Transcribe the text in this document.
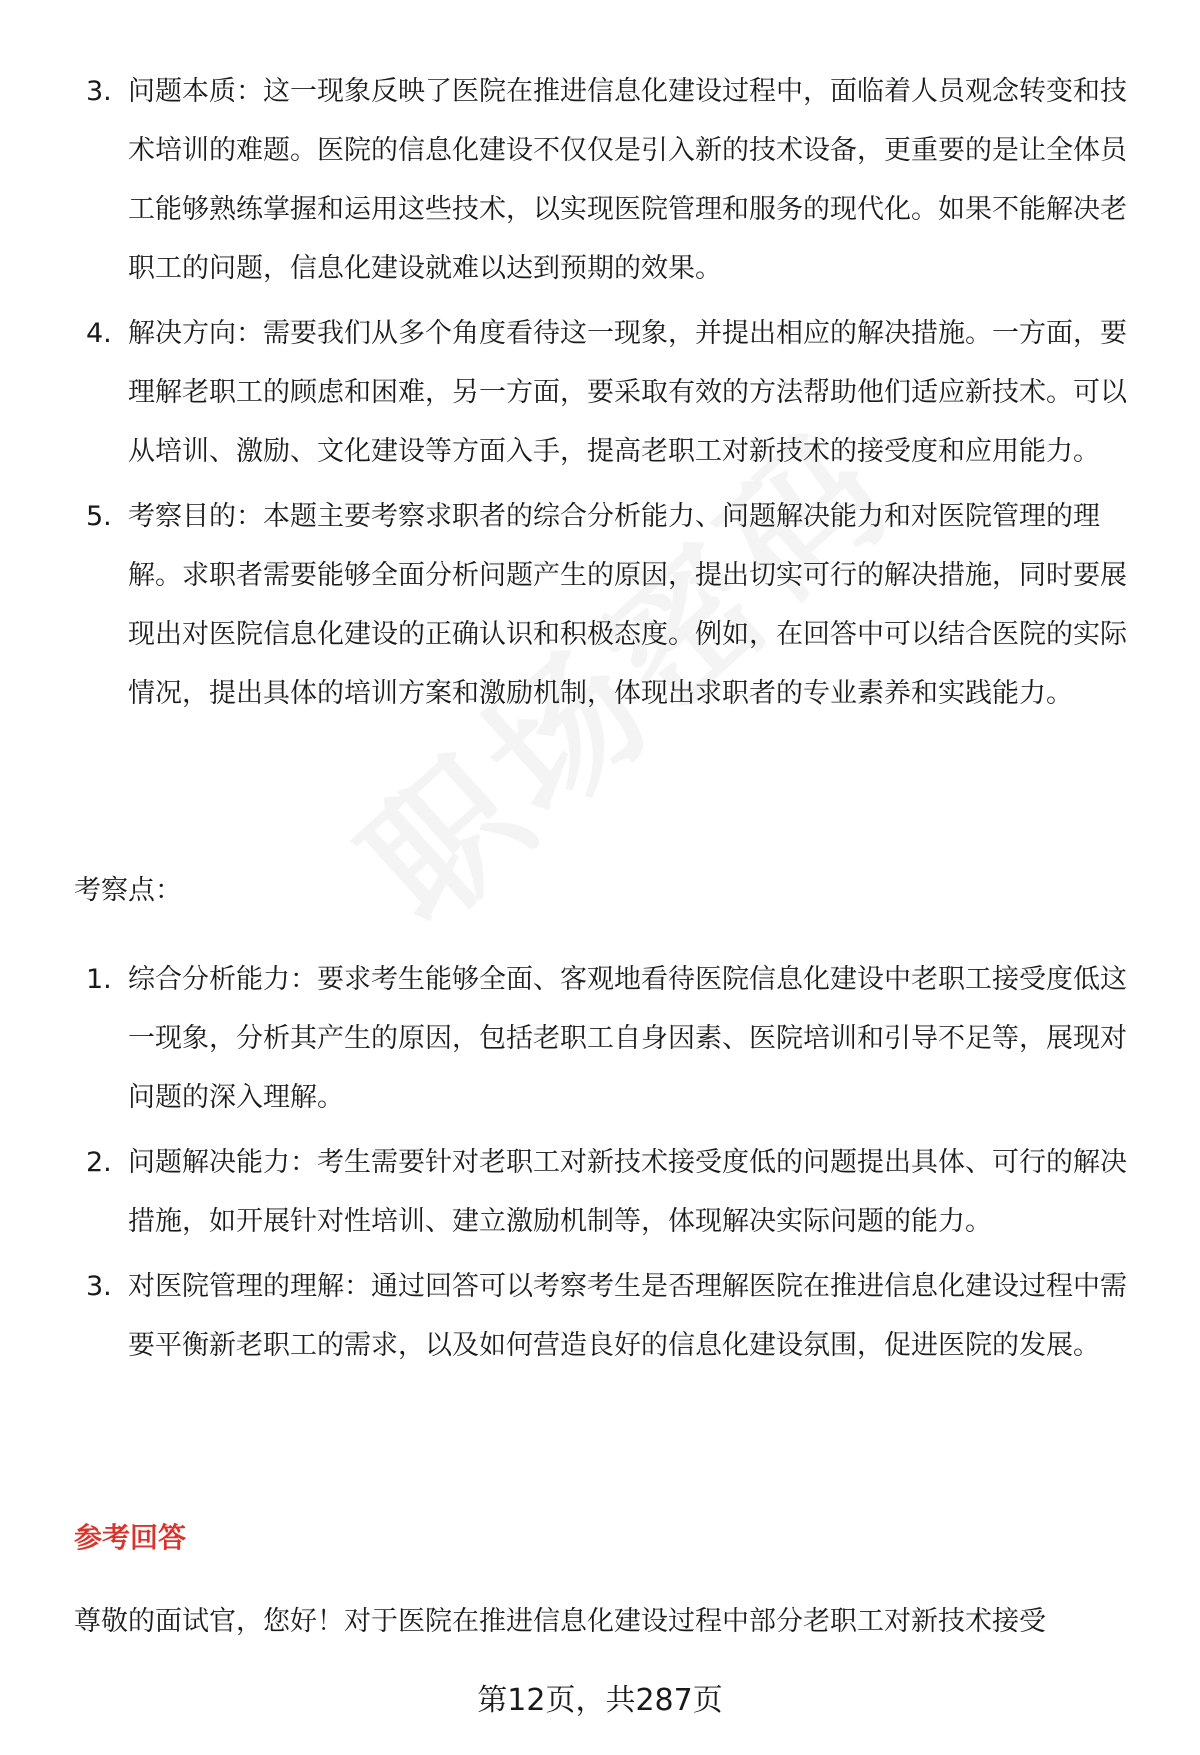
3. 问题本质：这一现象反映了医院在推进信息化建设过程中，面临着人员观念转变和技术培训的难题。医院的信息化建设不仅仅是引入新的技术设备，更重要的是让全体员工能够熟练掌握和运用这些技术，以实现医院管理和服务的现代化。如果不能解决老职工的问题，信息化建设就难以达到预期的效果。
4. 解决方向：需要我们从多个角度看待这一现象，并提出相应的解决措施。一方面，要理解老职工的顾虑和困难，另一方面，要采取有效的方法帮助他们适应新技术。可以从培训、激励、文化建设等方面入手，提高老职工对新技术的接受度和应用能力。
5. 考察目的：本题主要考察求职者的综合分析能力、问题解决能力和对医院管理的理解。求职者需要能够全面分析问题产生的原因，提出切实可行的解决措施，同时要展现出对医院信息化建设的正确认识和积极态度。例如，在回答中可以结合医院的实际情况，提出具体的培训方案和激励机制，体现出求职者的专业素养和实践能力。
考察点：
1. 综合分析能力：要求考生能够全面、客观地看待医院信息化建设中老职工接受度低这一现象，分析其产生的原因，包括老职工自身因素、医院培训和引导不足等，展现对问题的深入理解。
2. 问题解决能力：考生需要针对老职工对新技术接受度低的问题提出具体、可行的解决措施，如开展针对性培训、建立激励机制等，体现解决实际问题的能力。
3. 对医院管理的理解：通过回答可以考察考生是否理解医院在推进信息化建设过程中需要平衡新老职工的需求，以及如何营造良好的信息化建设氛围，促进医院的发展。
参考回答
尊敬的面试官，您好！对于医院在推进信息化建设过程中部分老职工对新技术接受
第12页，共287页
